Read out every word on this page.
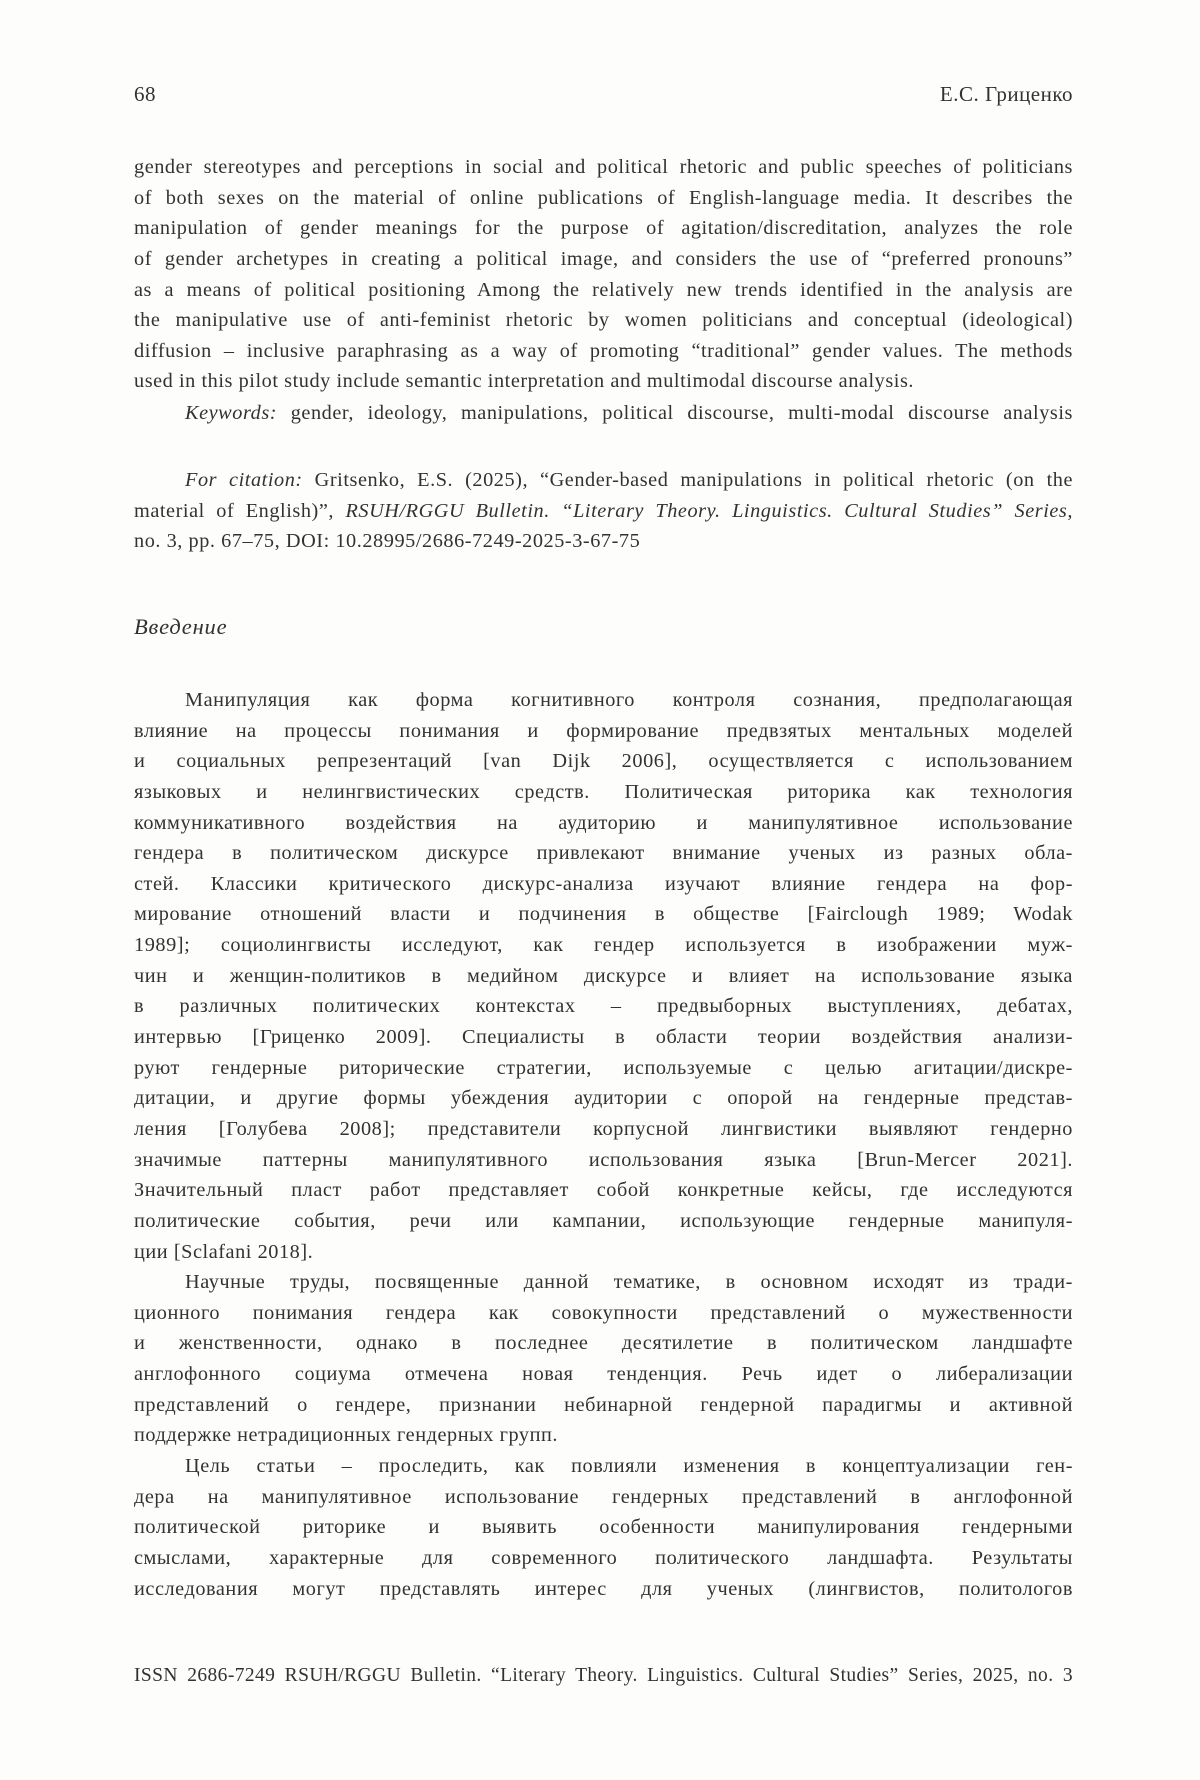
68	Е.С. Гриценко
gender stereotypes and perceptions in social and political rhetoric and public speeches of politicians
of both sexes on the material of online publications of English-language media. It describes the
manipulation of gender meanings for the purpose of agitation/discreditation, analyzes the role
of gender archetypes in creating a political image, and considers the use of “preferred pronouns”
as a means of political positioning Among the relatively new trends identified in the analysis are
the manipulative use of anti-feminist rhetoric by women politicians and conceptual (ideological)
diffusion – inclusive paraphrasing as a way of promoting “traditional” gender values. The methods
used in this pilot study include semantic interpretation and multimodal discourse analysis.
Keywords: gender, ideology, manipulations, political discourse, multi-modal discourse analysis
For citation: Gritsenko, E.S. (2025), “Gender-based manipulations in political rhetoric (on the
material of English)”, RSUH/RGGU Bulletin. “Literary Theory. Linguistics. Cultural Studies” Series,
no. 3, pp. 67–75, DOI: 10.28995/2686-7249-2025-3-67-75
Введение
Манипуляция как форма когнитивного контроля сознания, предполагающая
влияние на процессы понимания и формирование предвзятых ментальных моделей
и социальных репрезентаций [van Dijk 2006], осуществляется с использованием
языковых и нелингвистических средств. Политическая риторика как технология
коммуникативного воздействия на аудиторию и манипулятивное использование
гендера в политическом дискурсе привлекают внимание ученых из разных обла-
стей. Классики критического дискурс-анализа изучают влияние гендера на фор-
мирование отношений власти и подчинения в обществе [Fairclough 1989; Wodak
1989]; социолингвисты исследуют, как гендер используется в изображении муж-
чин и женщин-политиков в медийном дискурсе и влияет на использование языка
в различных политических контекстах – предвыборных выступлениях, дебатах,
интервью [Гриценко 2009]. Специалисты в области теории воздействия анализи-
руют гендерные риторические стратегии, используемые с целью агитации/дискре-
дитации, и другие формы убеждения аудитории с опорой на гендерные представ-
ления [Голубева 2008]; представители корпусной лингвистики выявляют гендерно
значимые паттерны манипулятивного использования языка [Brun-Mercer 2021].
Значительный пласт работ представляет собой конкретные кейсы, где исследуются
политические события, речи или кампании, использующие гендерные манипуля-
ции [Sclafani 2018].
Научные труды, посвященные данной тематике, в основном исходят из тради-
ционного понимания гендера как совокупности представлений о мужественности
и женственности, однако в последнее десятилетие в политическом ландшафте
англофонного социума отмечена новая тенденция. Речь идет о либерализации
представлений о гендере, признании небинарной гендерной парадигмы и активной
поддержке нетрадиционных гендерных групп.
Цель статьи – проследить, как повлияли изменения в концептуализации ген-
дера на манипулятивное использование гендерных представлений в англофонной
политической риторике и выявить особенности манипулирования гендерными
смыслами, характерные для современного политического ландшафта. Результаты
исследования могут представлять интерес для ученых (лингвистов, политологов
ISSN 2686-7249 RSUH/RGGU Bulletin. “Literary Theory. Linguistics. Cultural Studies” Series, 2025, no. 3
